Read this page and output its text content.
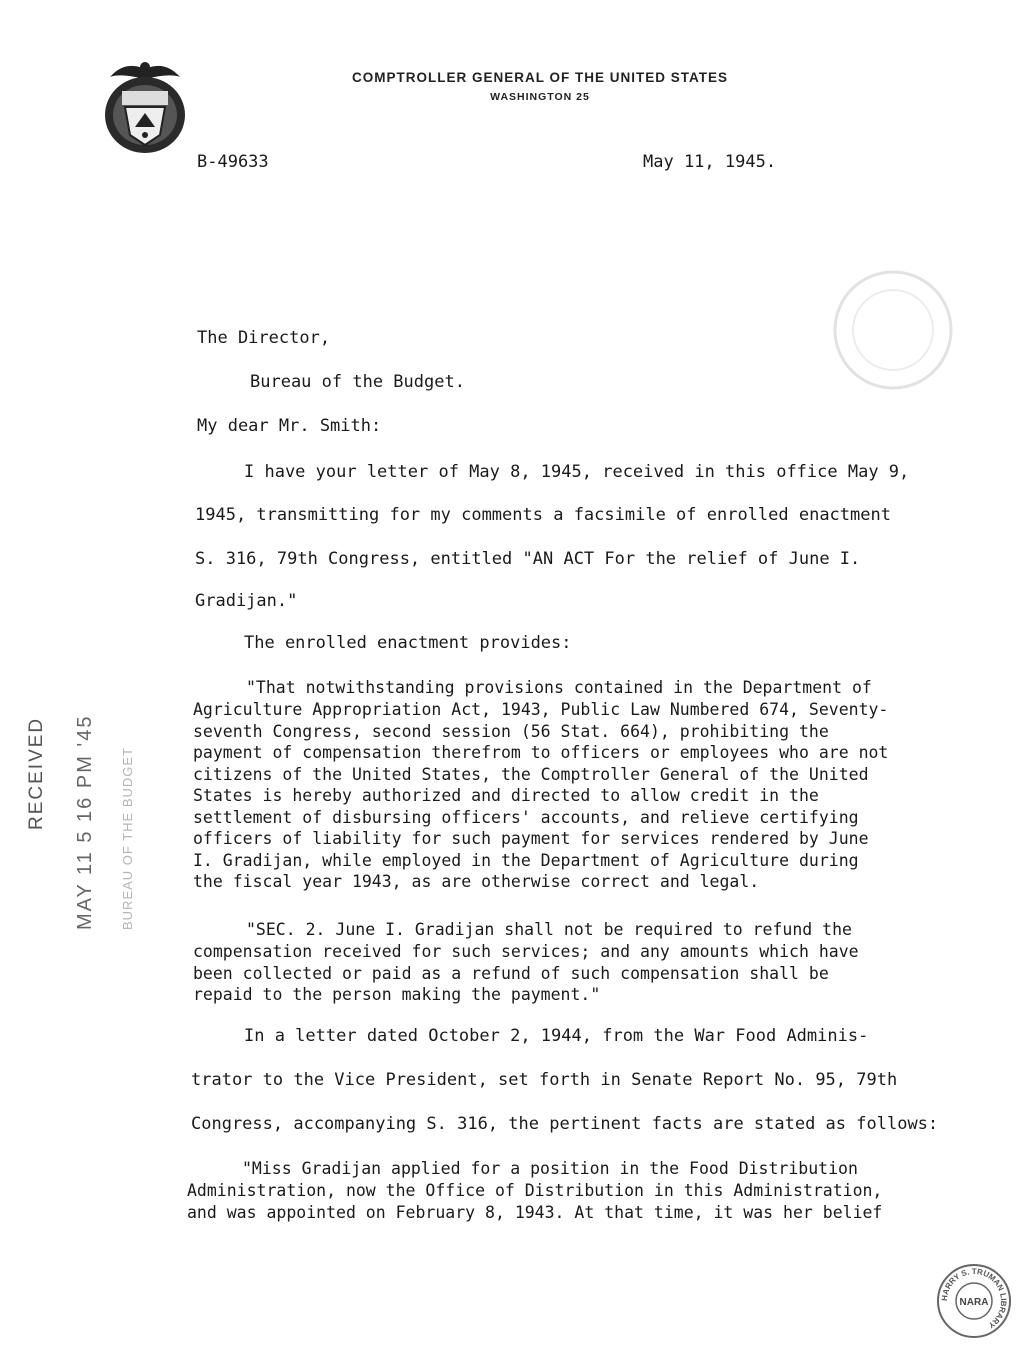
COMPTROLLER GENERAL OF THE UNITED STATES
WASHINGTON 25
B-49633	May 11, 1945.
The Director,
Bureau of the Budget.
My dear Mr. Smith:
I have your letter of May 8, 1945, received in this office May 9,
1945, transmitting for my comments a facsimile of enrolled enactment
S. 316, 79th Congress, entitled "AN ACT For the relief of June I.
Gradijan."
The enrolled enactment provides:
"That notwithstanding provisions contained in the Department of
Agriculture Appropriation Act, 1943, Public Law Numbered 674, Seventy-
seventh Congress, second session (56 Stat. 664), prohibiting the
payment of compensation therefrom to officers or employees who are not
citizens of the United States, the Comptroller General of the United
States is hereby authorized and directed to allow credit in the
settlement of disbursing officers' accounts, and relieve certifying
officers of liability for such payment for services rendered by June
I. Gradijan, while employed in the Department of Agriculture during
the fiscal year 1943, as are otherwise correct and legal.
"SEC. 2. June I. Gradijan shall not be required to refund the
compensation received for such services; and any amounts which have
been collected or paid as a refund of such compensation shall be
repaid to the person making the payment."
In a letter dated October 2, 1944, from the War Food Adminis-
trator to the Vice President, set forth in Senate Report No. 95, 79th
Congress, accompanying S. 316, the pertinent facts are stated as follows:
"Miss Gradijan applied for a position in the Food Distribution
Administration, now the Office of Distribution in this Administration,
and was appointed on February 8, 1943. At that time, it was her belief
RECEIVED MAY 11 5 16 PM '45 BUREAU OF THE BUDGET
HARRY S. TRUMAN LIBRARY
NARA
